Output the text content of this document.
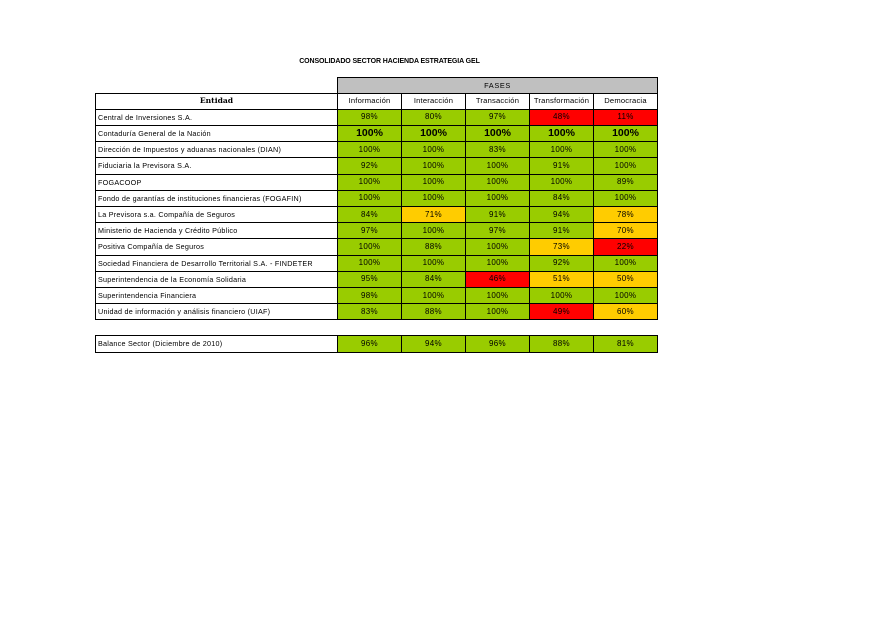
CONSOLIDADO SECTOR HACIENDA ESTRATEGIA GEL
	FASES				
Entidad	Información	Interacción	Transacción	Transformación	Democracia
Central de Inversiones S.A.	98%	80%	97%	48%	11%
Contaduría General de la Nación	100%	100%	100%	100%	100%
Dirección de Impuestos y aduanas nacionales (DIAN)	100%	100%	83%	100%	100%
Fiduciaria la Previsora S.A.	92%	100%	100%	91%	100%
FOGACOOP	100%	100%	100%	100%	89%
Fondo de garantías de instituciones financieras (FOGAFIN)	100%	100%	100%	84%	100%
La Previsora s.a. Compañía de Seguros	84%	71%	91%	94%	78%
Ministerio de Hacienda y Crédito Público	97%	100%	97%	91%	70%
Positiva Compañía de Seguros	100%	88%	100%	73%	22%
Sociedad Financiera de Desarrollo Territorial S.A. - FINDETER	100%	100%	100%	92%	100%
Superintendencia de la Economía Solidaria	95%	84%	46%	51%	50%
Superintendencia Financiera	98%	100%	100%	100%	100%
Unidad de información y análisis financiero (UIAF)	83%	88%	100%	49%	60%
Balance Sector (Diciembre de 2010)	96%	94%	96%	88%	81%
